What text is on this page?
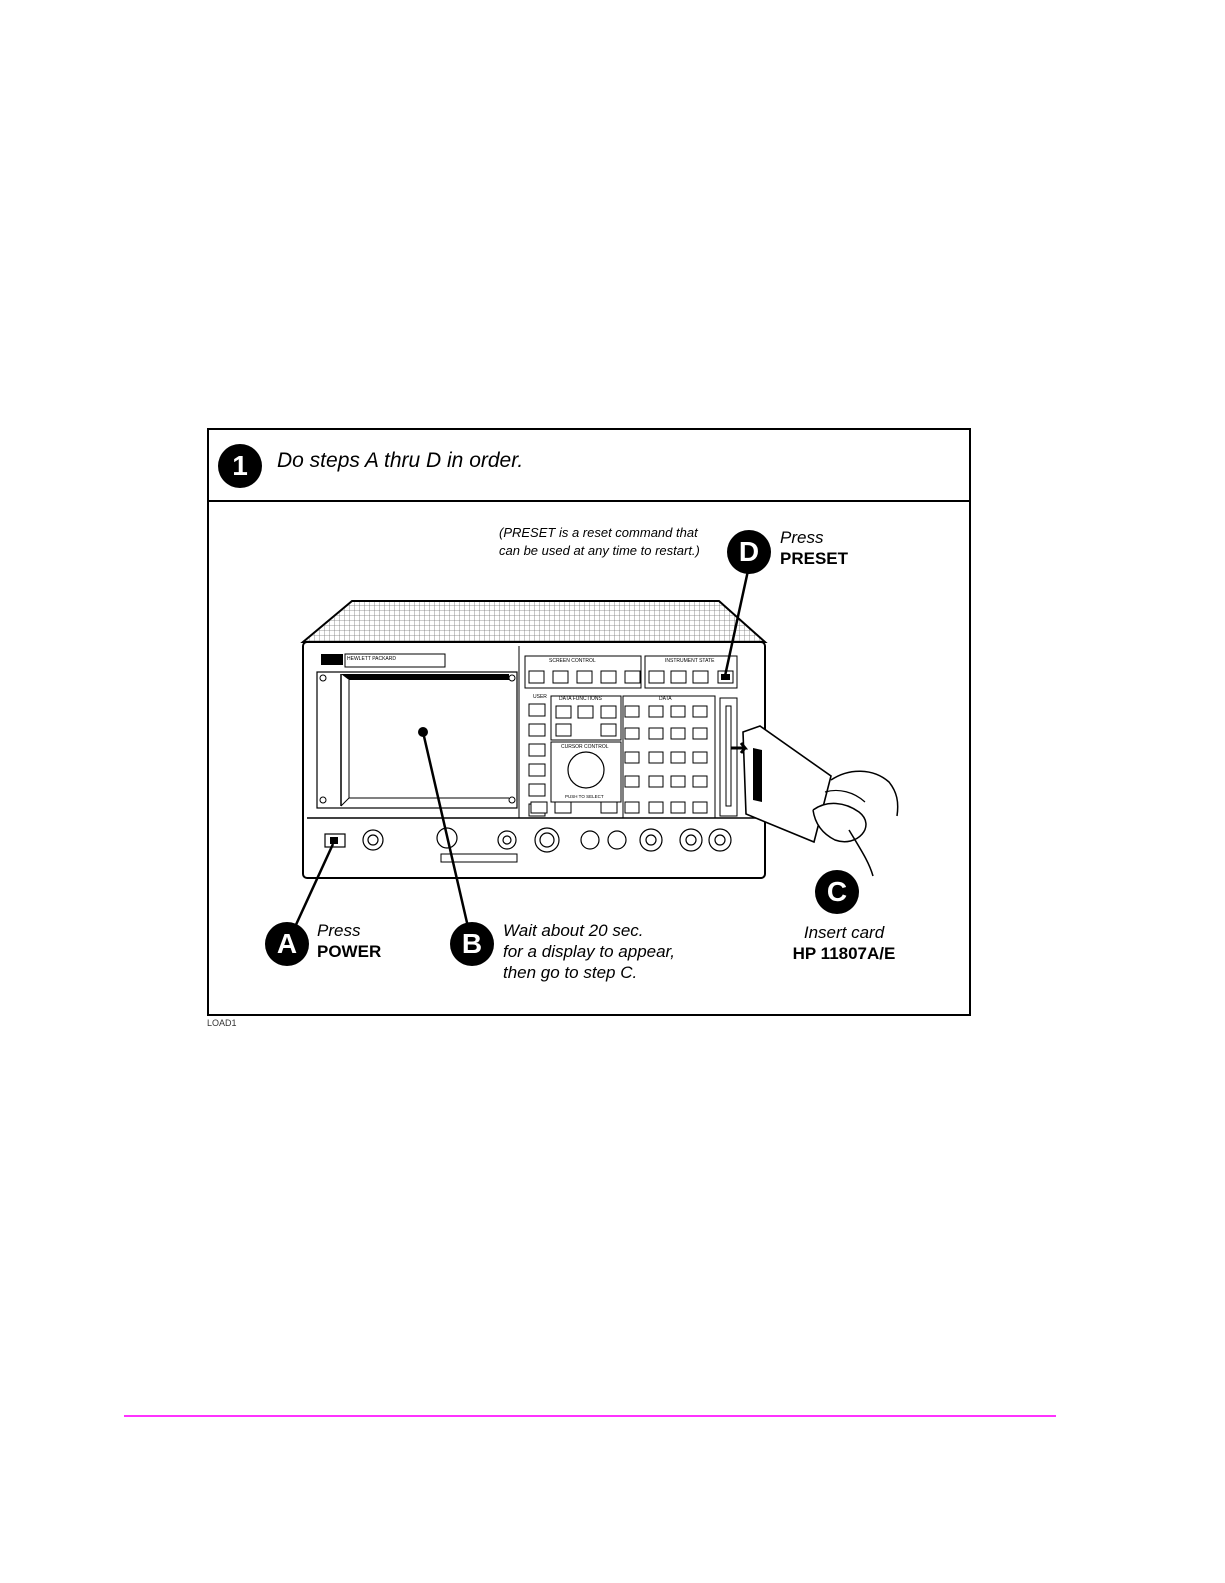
1	Do steps A thru D in order.
HEWLETT PACKARD	SCREEN CONTROL	INSTRUMENT STATE
USER DATA FUNCTIONS
CURSOR CONTROL
PUSH TO SELECT
DATA
(PRESET is a reset command that
can be used at any time to restart.)	D	Press
PRESET
C
Insert card
HP 11807A/E
A	Press
POWER	B	Wait about 20 sec.
for a display to appear,
then go to step C.
LOAD1
